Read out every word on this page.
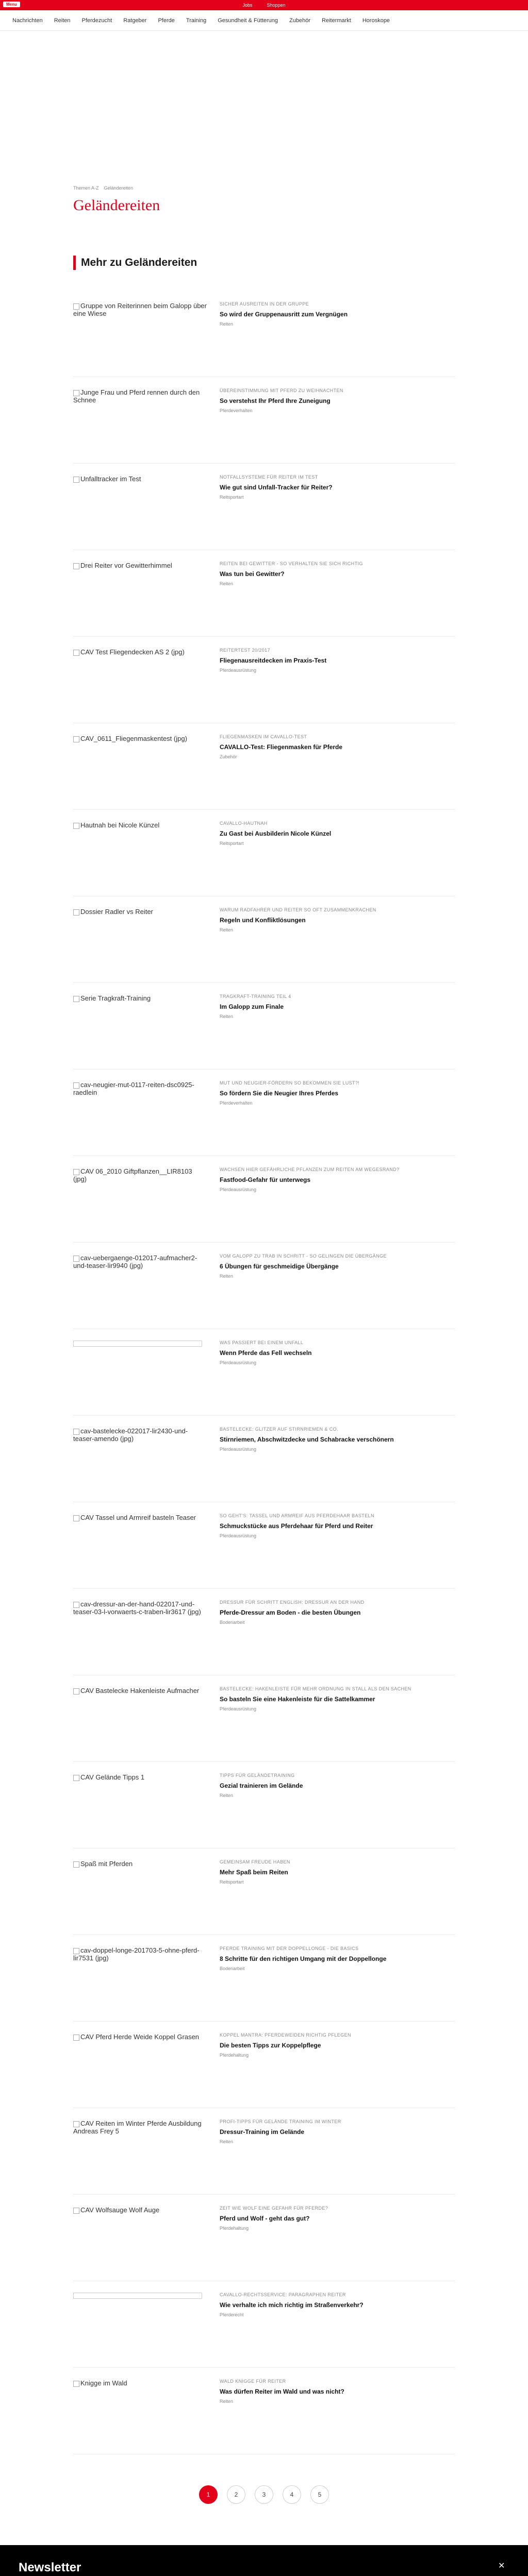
Menu	Jobs	Shoppen
Nachrichten Reiten Pferdezucht Ratgeber Pferde Training Gesundheit & Fütterung Zubehör Reitermarkt Horoskope
Themen A-Z Geländereiten
Geländereiten
Mehr zu Geländereiten
Gruppe von Reiterinnen beim Galopp über eine Wiese
SICHER AUSREITEN IN DER GRUPPE
So wird der Gruppenausritt zum Vergnügen
Reiten
Junge Frau und Pferd rennen durch den Schnee
ÜBEREINSTIMMUNG MIT PFERD ZU WEIHNACHTEN
So verstehst Ihr Pferd Ihre Zuneigung
Pferdeverhalten
Unfalltracker im Test	NOTFALLSYSTEME FÜR REITER IM TEST
Wie gut sind Unfall-Tracker für Reiter?
Reitsportart
Drei Reiter vor Gewitterhimmel	REITEN BEI GEWITTER - SO VERHALTEN SIE SICH RICHTIG
Was tun bei Gewitter?
Reiten
CAV Test Fliegendecken AS 2 (jpg)	REITERTEST 20/2017
Fliegenausreitdecken im Praxis-Test
Pferdeausrüstung
CAV_0611_Fliegenmaskentest (jpg)	FLIEGENMASKEN IM CAVALLO-TEST
CAVALLO-Test: Fliegenmasken für Pferde
Zubehör
Hautnah bei Nicole Künzel	CAVALLO-HAUTNAH
Zu Gast bei Ausbilderin Nicole Künzel
Reitsportart
Dossier Radler vs Reiter	WARUM RADFAHRER UND REITER SO OFT ZUSAMMENKRACHEN
Regeln und Konfliktlösungen
Reiten
Serie Tragkraft-Training	TRAGKRAFT-TRAINING TEIL 4
Im Galopp zum Finale
Reiten
cav-neugier-mut-0117-reiten-dsc0925-raedlein
MUT UND NEUGIER-FÖRDERN SO BEKOMMEN SIE LUST?!
So fördern Sie die Neugier Ihres Pferdes
Pferdeverhalten
CAV 06_2010 Giftpflanzen__LIR8103 (jpg)
WACHSEN HIER GEFÄHRLICHE PFLANZEN ZUM REITEN AM WEGESRAND?
Fastfood-Gefahr für unterwegs
Pferdeausrüstung
cav-uebergaenge-012017-aufmacher2-und-teaser-lir9940 (jpg)
VOM GALOPP ZU TRAB IN SCHRITT - SO GELINGEN DIE ÜBERGÄNGE
6 Übungen für geschmeidige Übergänge
Reiten
WAS PASSIERT BEI EINEM UNFALL
Wenn Pferde das Fell wechseln
Pferdeausrüstung
cav-bastelecke-022017-lir2430-und-teaser-amendo (jpg)
BASTELECKE: GLITZER AUF STIRNRIEMEN & CO.
Stirnriemen, Abschwitzdecke und Schabracke verschönern
Pferdeausrüstung
CAV Tassel und Armreif basteln Teaser	SO GEHT'S: TASSEL UND ARMREIF AUS PFERDEHAAR BASTELN
Schmuckstücke aus Pferdehaar für Pferd und Reiter
Pferdeausrüstung
cav-dressur-an-der-hand-022017-und-teaser-03-l-vorwaerts-c-traben-lir3617 (jpg)
DRESSUR FÜR SCHRITT ENGLISH: DRESSUR AN DER HAND
Pferde-Dressur am Boden - die besten Übungen
Bodenarbeit
CAV Bastelecke Hakenleiste Aufmacher	BASTELECKE: HAKENLEISTE FÜR MEHR ORDNUNG IN STALL ALS DEN SACHEN
So basteln Sie eine Hakenleiste für die Sattelkammer
Pferdeausrüstung
CAV Gelände Tipps 1	TIPPS FÜR GELÄNDETRAINING
Gezial trainieren im Gelände
Reiten
Spaß mit Pferden	GEMEINSAM FREUDE HABEN
Mehr Spaß beim Reiten
Reitsportart
cav-doppel-longe-201703-5-ohne-pferd-lir7531 (jpg)
PFERDE TRAINING MIT DER DOPPELLONGE - DIE BASICS
8 Schritte für den richtigen Umgang mit der Doppellonge
Bodenarbeit
CAV Pferd Herde Weide Koppel Grasen	KOPPEL MANTRA: PFERDEWEIDEN RICHTIG PFLEGEN
Die besten Tipps zur Koppelpflege
Pferdehaltung
CAV Reiten im Winter Pferde Ausbildung Andreas Frey 5
PROFI-TIPPS FÜR GELÄNDE TRAINING IM WINTER
Dressur-Training im Gelände
Reiten
CAV Wolfsauge Wolf Auge	ZEIT WIE WOLF EINE GEFAHR FÜR PFERDE?
Pferd und Wolf - geht das gut?
Pferdehaltung
CAVALLO-RECHTSSERVICE: PARAGRAPHEN REITER
Wie verhalte ich mich richtig im Straßenverkehr?
Pferderecht
Knigge im Wald	WALD KNIGGE FÜR REITER
Was dürfen Reiter im Wald und was nicht?
Reiten
1	2	3	4	5
Newsletter	✕
